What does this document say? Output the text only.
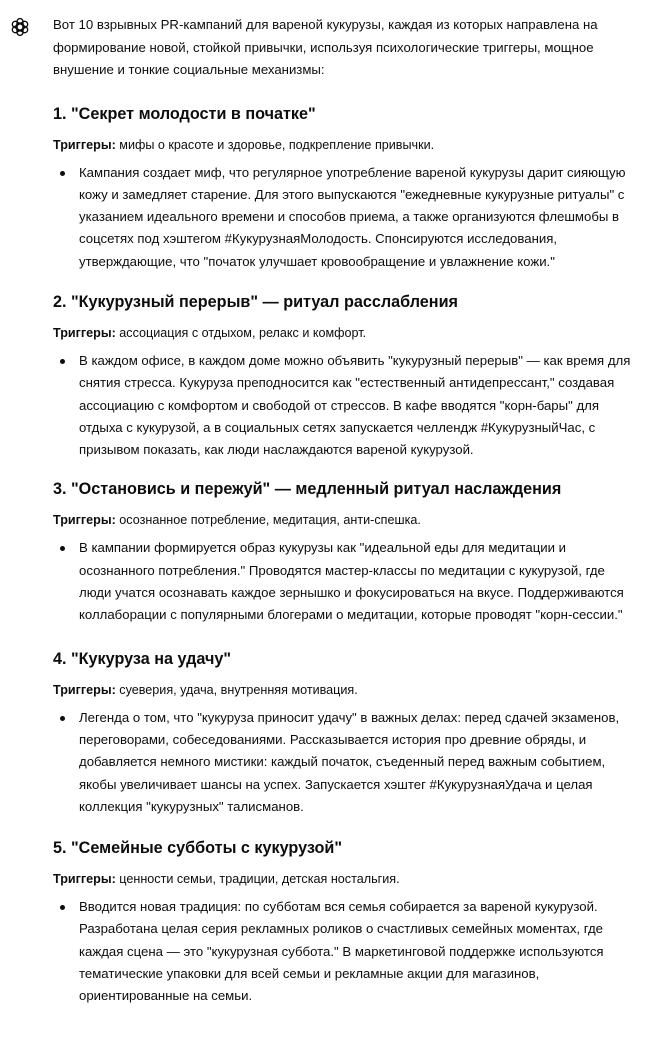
Вот 10 взрывных PR-кампаний для вареной кукурузы, каждая из которых направлена на формирование новой, стойкой привычки, используя психологические триггеры, мощное внушение и тонкие социальные механизмы:

1. "Секрет молодости в початке"

Триггеры: мифы о красоте и здоровье, подкрепление привычки.

Кампания создает миф, что регулярное употребление вареной кукурузы дарит сияющую кожу и замедляет старение. Для этого выпускаются "ежедневные кукурузные ритуалы" с указанием идеального времени и способов приема, а также организуются флешмобы в соцсетях под хэштегом #КукурузнаяМолодость. Спонсируются исследования, утверждающие, что "початок улучшает кровообращение и увлажнение кожи."
2. "Кукурузный перерыв" — ритуал расслабления

Триггеры: ассоциация с отдыхом, релакс и комфорт.

В каждом офисе, в каждом доме можно объявить "кукурузный перерыв" — как время для снятия стресса. Кукуруза преподносится как "естественный антидепрессант," создавая ассоциацию с комфортом и свободой от стрессов. В кафе вводятся "корн-бары" для отдыха с кукурузой, а в социальных сетях запускается челлендж #КукурузныйЧас, с призывом показать, как люди наслаждаются вареной кукурузой.
3. "Остановись и пережуй" — медленный ритуал наслаждения

Триггеры: осознанное потребление, медитация, анти-спешка.

В кампании формируется образ кукурузы как "идеальной еды для медитации и осознанного потребления." Проводятся мастер-классы по медитации с кукурузой, где люди учатся осознавать каждое зернышко и фокусироваться на вкусе. Поддерживаются коллаборации с популярными блогерами о медитации, которые проводят "корн-сессии."
4. "Кукуруза на удачу"

Триггеры: суеверия, удача, внутренняя мотивация.

Легенда о том, что "кукуруза приносит удачу" в важных делах: перед сдачей экзаменов, переговорами, собеседованиями. Рассказывается история про древние обряды, и добавляется немного мистики: каждый початок, съеденный перед важным событием, якобы увеличивает шансы на успех. Запускается хэштег #КукурузнаяУдача и целая коллекция "кукурузных" талисманов.
5. "Семейные субботы с кукурузой"

Триггеры: ценности семьи, традиции, детская ностальгия.

Вводится новая традиция: по субботам вся семья собирается за вареной кукурузой. Разработана целая серия рекламных роликов о счастливых семейных моментах, где каждая сцена — это "кукурузная суббота." В маркетинговой поддержке используются тематические упаковки для всей семьи и рекламные акции для магазинов, ориентированные на семьи.
